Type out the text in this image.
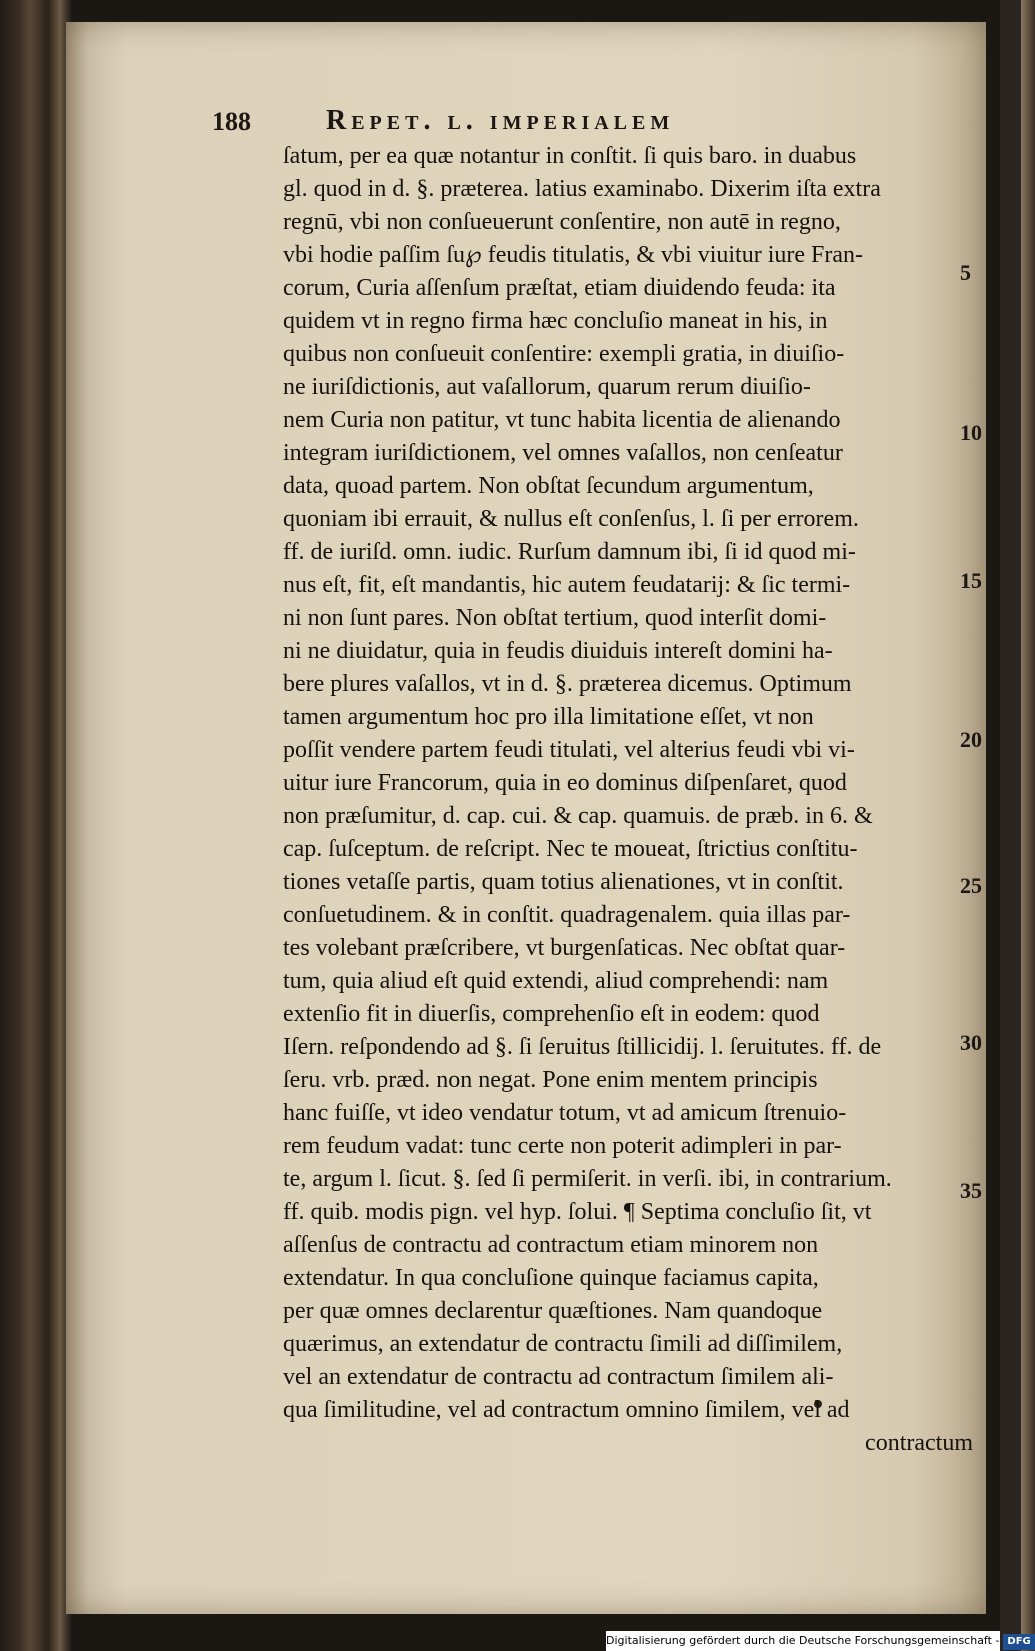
188	Repet. l. imperialem
ſatum, per ea quæ notantur in conſtit. ſi quis baro. in duabus
gl. quod in d. §. præterea. latius examinabo. Dixerim iſta extra
regnū, vbi non conſueuerunt conſentire, non autē in regno,
vbi hodie paſſim ſu℘ feudis titulatis, & vbi viuitur iure Fran-
corum, Curia aſſenſum præſtat, etiam diuidendo feuda: ita
quidem vt in regno firma hæc concluſio maneat in his, in
quibus non conſueuit conſentire: exempli gratia, in diuiſio-
ne iuriſdictionis, aut vaſallorum, quarum rerum diuiſio-
nem Curia non patitur, vt tunc habita licentia de alienando
integram iuriſdictionem, vel omnes vaſallos, non cenſeatur
data, quoad partem. Non obſtat ſecundum argumentum,
quoniam ibi errauit, & nullus eſt conſenſus, l. ſi per errorem.
ff. de iuriſd. omn. iudic. Rurſum damnum ibi, ſi id quod mi-
nus eſt, fit, eſt mandantis, hic autem feudatarij: & ſic termi-
ni non ſunt pares. Non obſtat tertium, quod interſit domi-
ni ne diuidatur, quia in feudis diuiduis intereſt domini ha-
bere plures vaſallos, vt in d. §. præterea dicemus. Optimum
tamen argumentum hoc pro illa limitatione eſſet, vt non
poſſit vendere partem feudi titulati, vel alterius feudi vbi vi-
uitur iure Francorum, quia in eo dominus diſpenſaret, quod
non præſumitur, d. cap. cui. & cap. quamuis. de præb. in 6. &
cap. ſuſceptum. de reſcript. Nec te moueat, ſtrictius conſtitu-
tiones vetaſſe partis, quam totius alienationes, vt in conſtit.
conſuetudinem. & in conſtit. quadragenalem. quia illas par-
tes volebant præſcribere, vt burgenſaticas. Nec obſtat quar-
tum, quia aliud eſt quid extendi, aliud comprehendi: nam
extenſio fit in diuerſis, comprehenſio eſt in eodem: quod
Iſern. reſpondendo ad §. ſi ſeruitus ſtillicidij. l. ſeruitutes. ff. de
ſeru. vrb. præd. non negat. Pone enim mentem principis
hanc fuiſſe, vt ideo vendatur totum, vt ad amicum ſtrenuio-
rem feudum vadat: tunc certe non poterit adimpleri in par-
te, argum l. ſicut. §. ſed ſi permiſerit. in verſi. ibi, in contrarium.
ff. quib. modis pign. vel hyp. ſolui. ¶ Septima concluſio ſit, vt
aſſenſus de contractu ad contractum etiam minorem non
extendatur. In qua concluſione quinque faciamus capita,
per quæ omnes declarentur quæſtiones. Nam quandoque
quærimus, an extendatur de contractu ſimili ad diſſimilem,
vel an extendatur de contractu ad contractum ſimilem ali-
qua ſimilitudine, vel ad contractum omnino ſimilem, vel ad
contractum
5
10
15
20
25
30
35
Digitalisierung gefördert durch die Deutsche Forschungsgemeinschaft - DFG
